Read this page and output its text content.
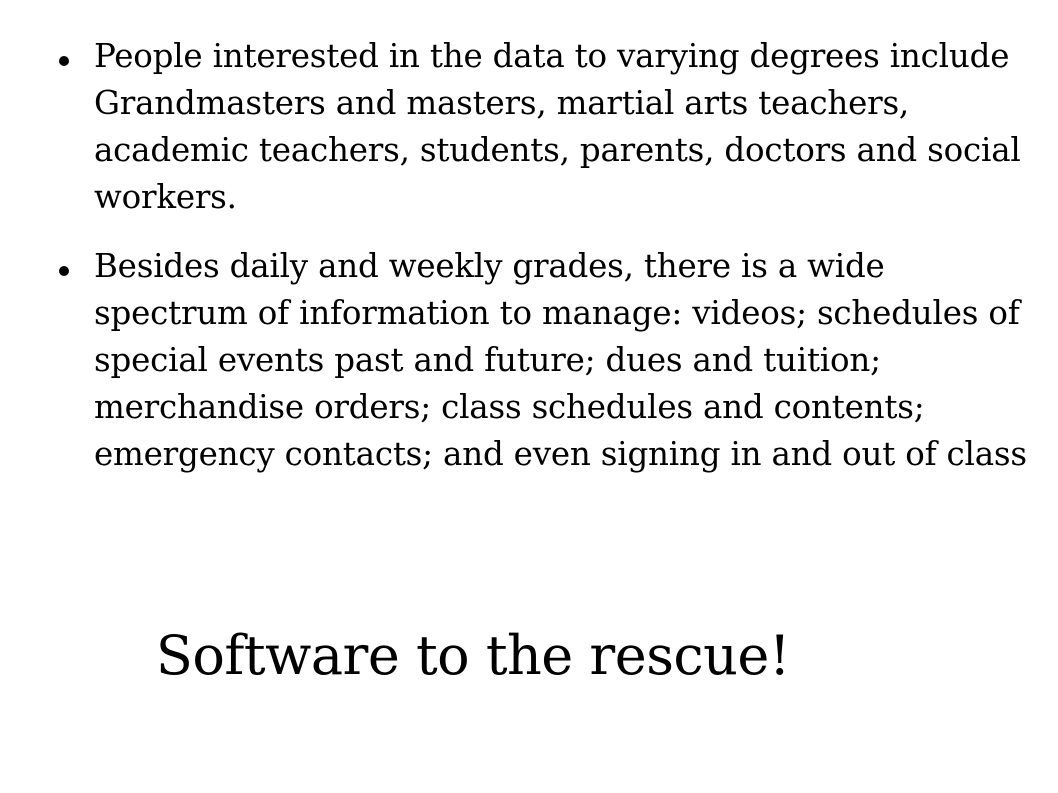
People interested in the data to varying degrees include Grandmasters and masters, martial arts teachers, academic teachers, students, parents, doctors and social workers.
Besides daily and weekly grades, there is a wide spectrum of information to manage: videos; schedules of special events past and future; dues and tuition; merchandise orders; class schedules and contents; emergency contacts; and even signing in and out of class
Software to the rescue!
